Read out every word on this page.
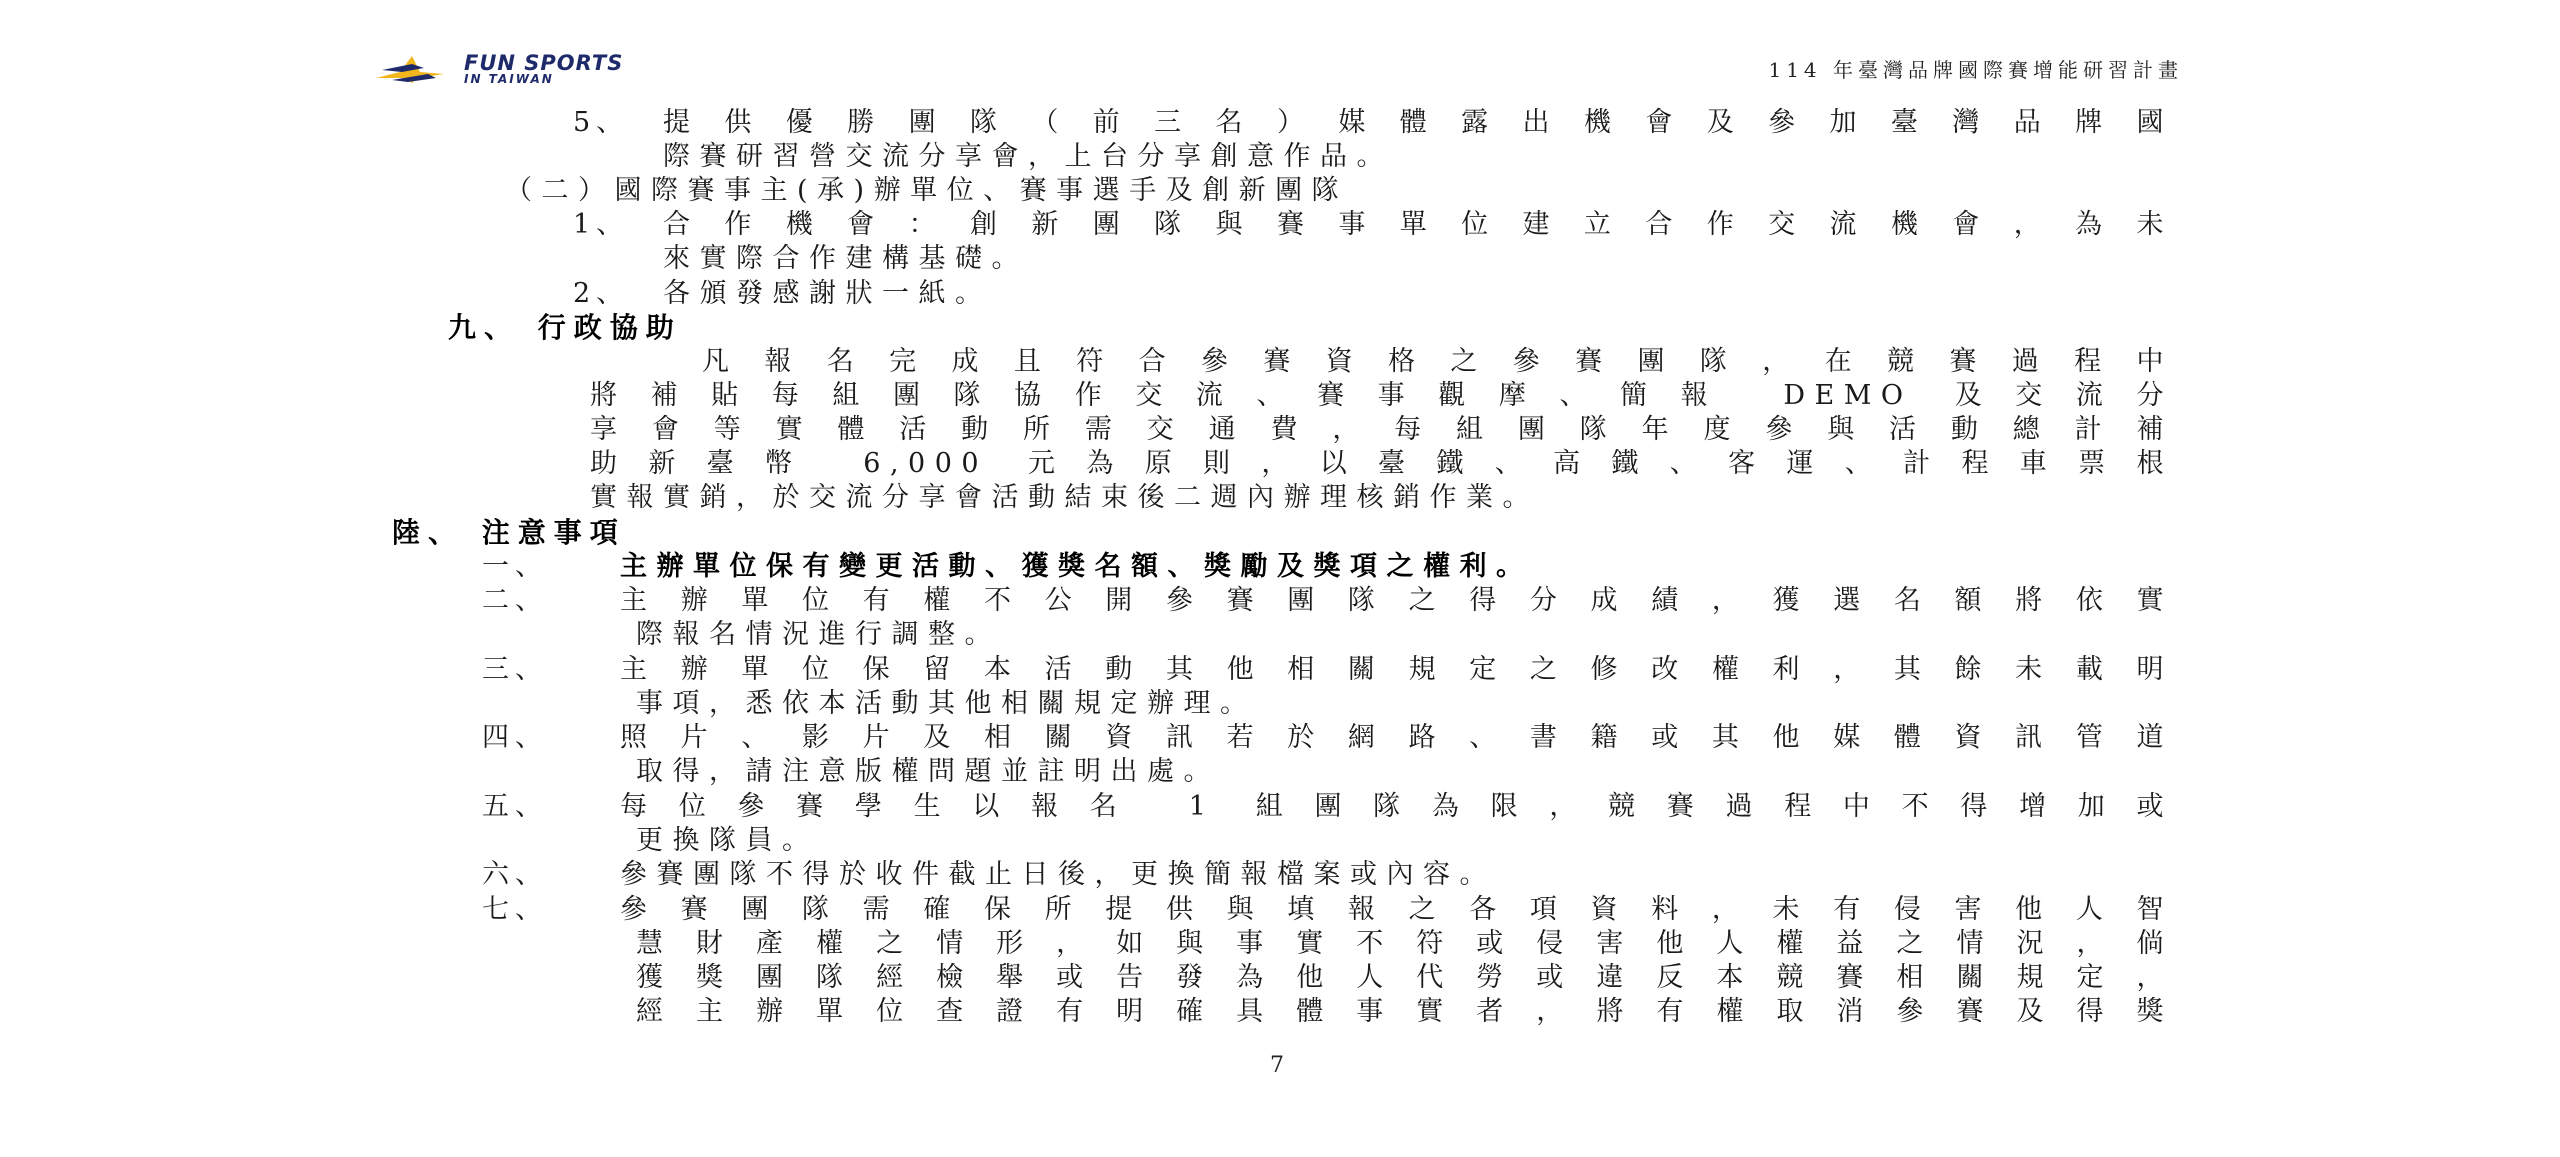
FUN SPORTS
IN TAIWAN	114 年臺灣品牌國際賽增能研習計畫
5、 提供優勝團隊（前三名）媒體露出機會及參加臺灣品牌國
際賽研習營交流分享會，上台分享創意作品。
（二）國際賽事主(承)辦單位、賽事選手及創新團隊
1、 合作機會：創新團隊與賽事單位建立合作交流機會，為未
來實際合作建構基礎。
2、 各頒發感謝狀一紙。
九、 行政協助
凡報名完成且符合參賽資格之參賽團隊，在競賽過程中
將補貼每組團隊協作交流、賽事觀摩、簡報 DEMO 及交流分
享會等實體活動所需交通費，每組團隊年度參與活動總計補
助新臺幣 6,000 元為原則，以臺鐵、高鐵、客運、計程車票根
實報實銷，於交流分享會活動結束後二週內辦理核銷作業。
陸、 注意事項
一、	主辦單位保有變更活動、獲獎名額、獎勵及獎項之權利。
二、	主辦單位有權不公開參賽團隊之得分成績，獲選名額將依實
際報名情況進行調整。
三、	主辦單位保留本活動其他相關規定之修改權利，其餘未載明
事項，悉依本活動其他相關規定辦理。
四、	照片、影片及相關資訊若於網路、書籍或其他媒體資訊管道
取得，請注意版權問題並註明出處。
五、	每位參賽學生以報名 1 組團隊為限，競賽過程中不得增加或
更換隊員。
六、	參賽團隊不得於收件截止日後，更換簡報檔案或內容。
七、	參賽團隊需確保所提供與填報之各項資料，未有侵害他人智
慧財產權之情形，如與事實不符或侵害他人權益之情況，倘
獲獎團隊經檢舉或告發為他人代勞或違反本競賽相關規定，
經主辦單位查證有明確具體事實者，將有權取消參賽及得獎
7
